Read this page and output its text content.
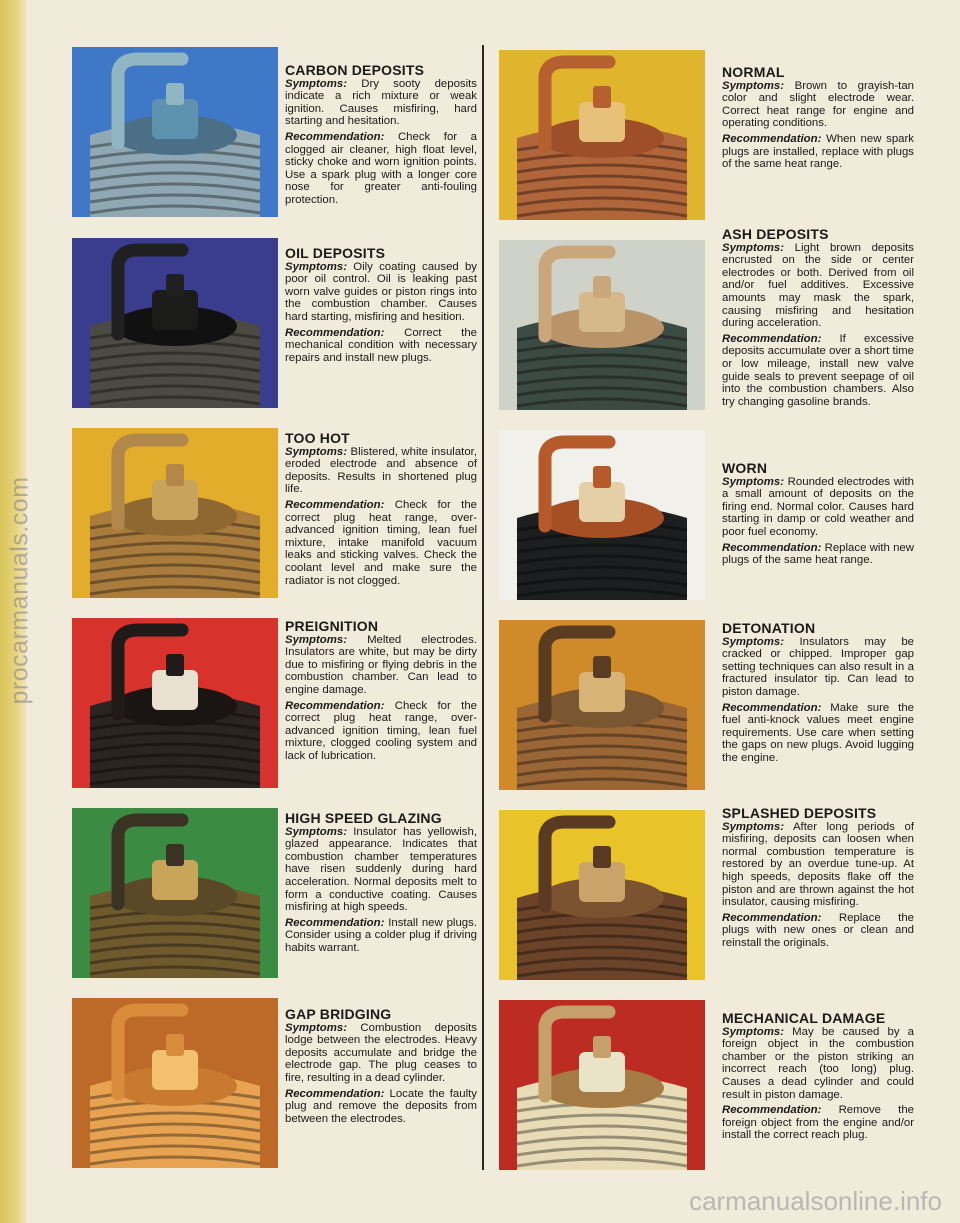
procarmanuals.com
CARBON DEPOSITS

Symptoms: Dry sooty deposits indicate a rich mixture or weak ignition. Causes misfiring, hard starting and hesitation.

Recommendation: Check for a clogged air cleaner, high float level, sticky choke and worn ignition points. Use a spark plug with a longer core nose for greater anti-fouling protection.

OIL DEPOSITS

Symptoms: Oily coating caused by poor oil control. Oil is leaking past worn valve guides or piston rings into the combustion chamber. Causes hard starting, misfiring and hesition.

Recommendation: Correct the mechanical condition with necessary repairs and install new plugs.

TOO HOT

Symptoms: Blistered, white insulator, eroded electrode and absence of deposits. Results in shortened plug life.

Recommendation: Check for the correct plug heat range, over-advanced ignition timing, lean fuel mixture, intake manifold vacuum leaks and sticking valves. Check the coolant level and make sure the radiator is not clogged.

PREIGNITION

Symptoms: Melted electrodes. Insulators are white, but may be dirty due to misfiring or flying debris in the combustion chamber. Can lead to engine damage.

Recommendation: Check for the correct plug heat range, over-advanced ignition timing, lean fuel mixture, clogged cooling system and lack of lubrication.

HIGH SPEED GLAZING

Symptoms: Insulator has yellowish, glazed appearance. Indicates that combustion chamber temperatures have risen suddenly during hard acceleration. Normal deposits melt to form a conductive coating. Causes misfiring at high speeds.

Recommendation: Install new plugs. Consider using a colder plug if driving habits warrant.

GAP BRIDGING

Symptoms: Combustion deposits lodge between the electrodes. Heavy deposits accumulate and bridge the electrode gap. The plug ceases to fire, resulting in a dead cylinder.

Recommendation: Locate the faulty plug and remove the deposits from between the electrodes.

NORMAL

Symptoms: Brown to grayish-tan color and slight electrode wear. Correct heat range for engine and operating conditions.

Recommendation: When new spark plugs are installed, replace with plugs of the same heat range.

ASH DEPOSITS

Symptoms: Light brown deposits encrusted on the side or center electrodes or both. Derived from oil and/or fuel additives. Excessive amounts may mask the spark, causing misfiring and hesitation during acceleration.

Recommendation: If excessive deposits accumulate over a short time or low mileage, install new valve guide seals to prevent seepage of oil into the combustion chambers. Also try changing gasoline brands.

WORN

Symptoms: Rounded electrodes with a small amount of deposits on the firing end. Normal color. Causes hard starting in damp or cold weather and poor fuel economy.

Recommendation: Replace with new plugs of the same heat range.

DETONATION

Symptoms: Insulators may be cracked or chipped. Improper gap setting techniques can also result in a fractured insulator tip. Can lead to piston damage.

Recommendation: Make sure the fuel anti-knock values meet engine requirements. Use care when setting the gaps on new plugs. Avoid lugging the engine.

SPLASHED DEPOSITS

Symptoms: After long periods of misfiring, deposits can loosen when normal combustion temperature is restored by an overdue tune-up. At high speeds, deposits flake off the piston and are thrown against the hot insulator, causing misfiring.

Recommendation: Replace the plugs with new ones or clean and reinstall the originals.

MECHANICAL DAMAGE

Symptoms: May be caused by a foreign object in the combustion chamber or the piston striking an incorrect reach (too long) plug. Causes a dead cylinder and could result in piston damage.

Recommendation: Remove the foreign object from the engine and/or install the correct reach plug.

carmanualsonline.info
